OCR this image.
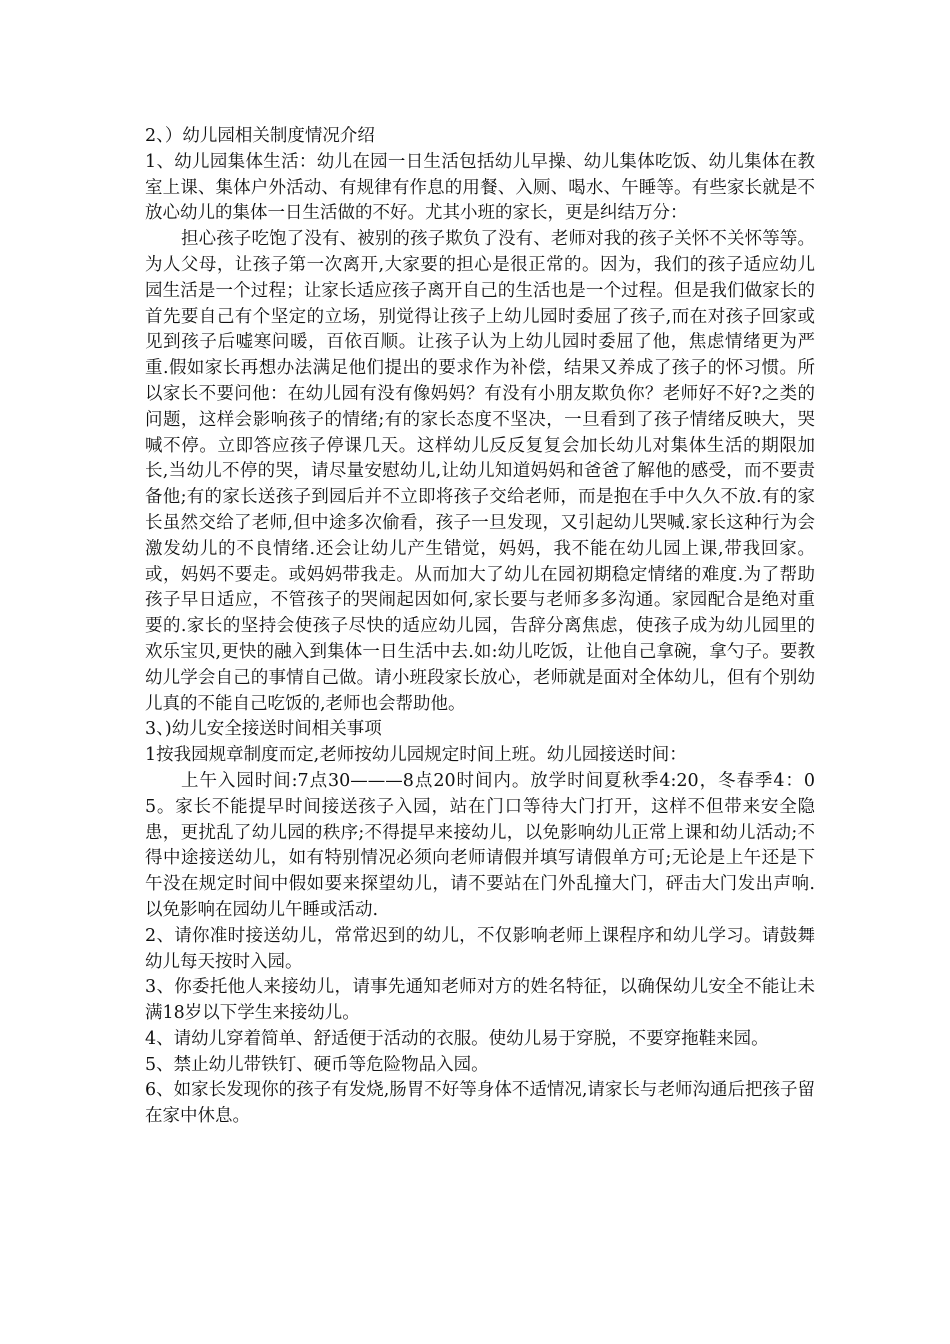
2、）幼儿园相关制度情况介绍

1、幼儿园集体生活：幼儿在园一日生活包括幼儿早操、幼儿集体吃饭、幼儿集体在教室上课、集体户外活动、有规律有作息的用餐、入厕、喝水、午睡等。有些家长就是不放心幼儿的集体一日生活做的不好。尤其小班的家长，更是纠结万分：

担心孩子吃饱了没有、被别的孩子欺负了没有、老师对我的孩子关怀不关怀等等。为人父母，让孩子第一次离开,大家要的担心是很正常的。因为，我们的孩子适应幼儿园生活是一个过程；让家长适应孩子离开自己的生活也是一个过程。但是我们做家长的首先要自己有个坚定的立场，别觉得让孩子上幼儿园时委屈了孩子,而在对孩子回家或见到孩子后嘘寒问暖，百依百顺。让孩子认为上幼儿园时委屈了他，焦虑情绪更为严重.假如家长再想办法满足他们提出的要求作为补偿，结果又养成了孩子的怀习惯。所以家长不要问他：在幼儿园有没有像妈妈？有没有小朋友欺负你？老师好不好?之类的问题，这样会影响孩子的情绪;有的家长态度不坚决，一旦看到了孩子情绪反映大，哭喊不停。立即答应孩子停课几天。这样幼儿反反复复会加长幼儿对集体生活的期限加长,当幼儿不停的哭，请尽量安慰幼儿,让幼儿知道妈妈和爸爸了解他的感受，而不要责备他;有的家长送孩子到园后并不立即将孩子交给老师，而是抱在手中久久不放.有的家长虽然交给了老师,但中途多次偷看，孩子一旦发现，又引起幼儿哭喊.家长这种行为会激发幼儿的不良情绪.还会让幼儿产生错觉，妈妈，我不能在幼儿园上课,带我回家。或，妈妈不要走。或妈妈带我走。从而加大了幼儿在园初期稳定情绪的难度.为了帮助孩子早日适应，不管孩子的哭闹起因如何,家长要与老师多多沟通。家园配合是绝对重要的.家长的坚持会使孩子尽快的适应幼儿园，告辞分离焦虑，使孩子成为幼儿园里的欢乐宝贝,更快的融入到集体一日生活中去.如:幼儿吃饭，让他自己拿碗，拿勺子。要教幼儿学会自己的事情自己做。请小班段家长放心，老师就是面对全体幼儿，但有个别幼儿真的不能自己吃饭的,老师也会帮助他。

3、)幼儿安全接送时间相关事项

1按我园规章制度而定,老师按幼儿园规定时间上班。幼儿园接送时间：

上午入园时间:7点30———8点20时间内。放学时间夏秋季4:20，冬春季4：05。家长不能提早时间接送孩子入园，站在门口等待大门打开，这样不但带来安全隐患，更扰乱了幼儿园的秩序;不得提早来接幼儿，以免影响幼儿正常上课和幼儿活动;不得中途接送幼儿，如有特别情况必须向老师请假并填写请假单方可;无论是上午还是下午没在规定时间中假如要来探望幼儿，请不要站在门外乱撞大门，砰击大门发出声响.以免影响在园幼儿午睡或活动.

2、请你准时接送幼儿，常常迟到的幼儿，不仅影响老师上课程序和幼儿学习。请鼓舞幼儿每天按时入园。

3、你委托他人来接幼儿，请事先通知老师对方的姓名特征，以确保幼儿安全不能让未满18岁以下学生来接幼儿。

4、请幼儿穿着简单、舒适便于活动的衣服。使幼儿易于穿脱，不要穿拖鞋来园。

5、禁止幼儿带铁钉、硬币等危险物品入园。

6、如家长发现你的孩子有发烧,肠胃不好等身体不适情况,请家长与老师沟通后把孩子留在家中休息。
